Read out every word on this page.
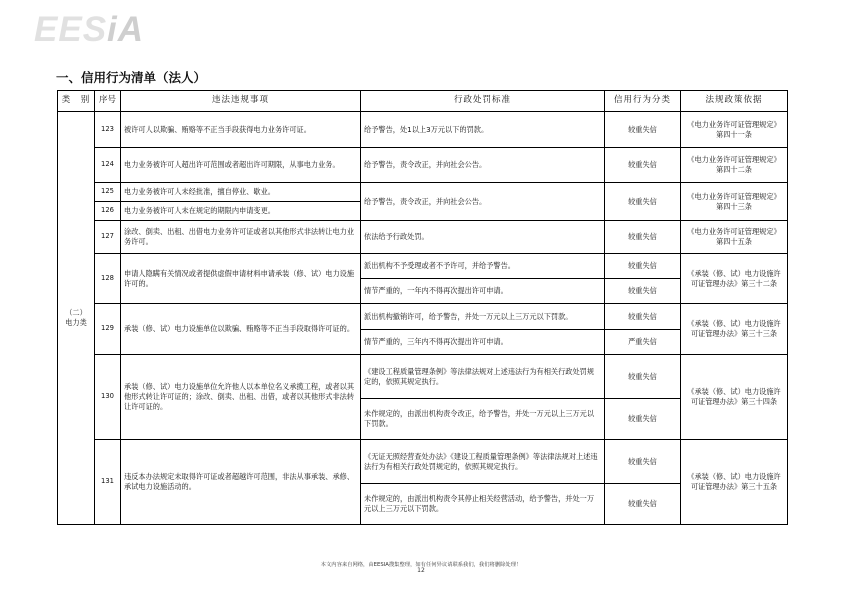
EESiA
一、信用行为清单（法人）
类　别	序号	违法违规事项	行政处罚标准	信用行为分类	法规政策依据
（二）
电力类	123	被许可人以欺骗、贿赂等不正当手段获得电力业务许可证。	给予警告，处1以上3万元以下的罚款。	较重失信	《电力业务许可证管理规定》第四十一条
	124	电力业务被许可人超出许可范围或者超出许可期限，从事电力业务。	给予警告，责令改正，并向社会公告。	较重失信	《电力业务许可证管理规定》第四十二条
	125	电力业务被许可人未经批准，擅自停业、歇业。	给予警告，责令改正，并向社会公告。	较重失信	《电力业务许可证管理规定》第四十三条
	126	电力业务被许可人未在规定的期限内申请变更。			
	127	涂改、倒卖、出租、出借电力业务许可证或者以其他形式非法转让电力业务许可。	依法给予行政处罚。	较重失信	《电力业务许可证管理规定》第四十五条
	128	申请人隐瞒有关情况或者提供虚假申请材料申请承装（修、试）电力设施许可的。	派出机构不予受理或者不予许可，并给予警告。	较重失信	《承装（修、试）电力设施许可证管理办法》第三十二条
			情节严重的，一年内不得再次提出许可申请。	较重失信	
	129	承装（修、试）电力设施单位以欺骗、贿赂等不正当手段取得许可证的。	派出机构撤销许可，给予警告，并处一万元以上三万元以下罚款。	较重失信	《承装（修、试）电力设施许可证管理办法》第三十三条
			情节严重的，三年内不得再次提出许可申请。	严重失信	
	130	承装（修、试）电力设施单位允许他人以本单位名义承揽工程，或者以其他形式转让许可证的；涂改、倒卖、出租、出借，或者以其他形式非法转让许可证的。	《建设工程质量管理条例》等法律法规对上述违法行为有相关行政处罚规定的，依照其规定执行。	较重失信	《承装（修、试）电力设施许可证管理办法》第三十四条
			未作规定的，由派出机构责令改正，给予警告，并处一万元以上三万元以下罚款。	较重失信	
	131	违反本办法规定未取得许可证或者超越许可范围，非法从事承装、承修、承试电力设施活动的。	《无证无照经营查处办法》《建设工程质量管理条例》等法律法规对上述违法行为有相关行政处罚规定的，依照其规定执行。	较重失信	《承装（修、试）电力设施许可证管理办法》第三十五条
			未作规定的，由派出机构责令其停止相关经营活动，给予警告，并处一万元以上三万元以下罚款。	较重失信	
本文内容来自网络，由EESIA搜集整理，如有任何异议请联系我们，我们将删除处理！
12
